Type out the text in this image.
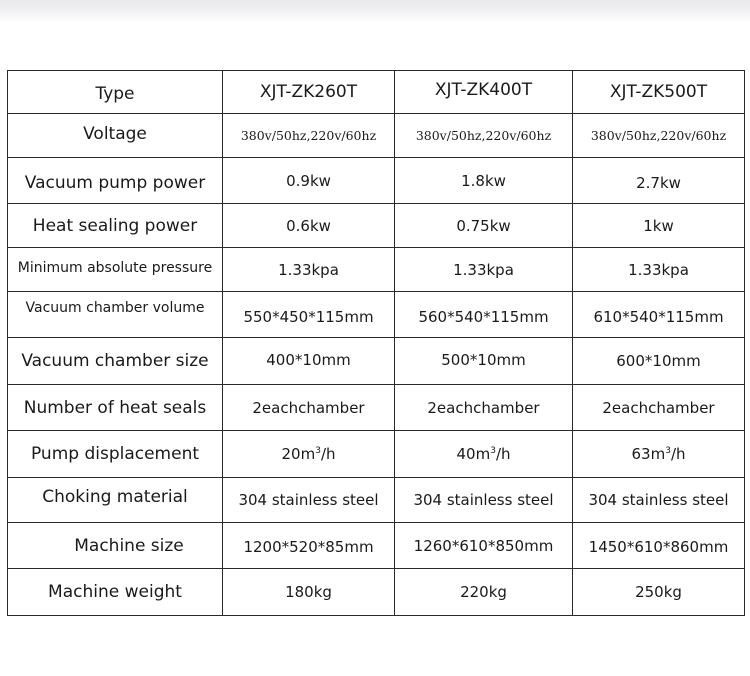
Type	XJT-ZK260T	XJT-ZK400T	XJT-ZK500T
Voltage	380v/50hz,220v/60hz	380v/50hz,220v/60hz	380v/50hz,220v/60hz
Vacuum pump power	0.9kw	1.8kw	2.7kw
Heat sealing power	0.6kw	0.75kw	1kw
Minimum absolute pressure	1.33kpa	1.33kpa	1.33kpa
Vacuum chamber volume	550*450*115mm	560*540*115mm	610*540*115mm
Vacuum chamber size	400*10mm	500*10mm	600*10mm
Number of heat seals	2eachchamber	2eachchamber	2eachchamber
Pump displacement	$20m^3/h$	$40m^3/h$	$63m^3/h$
Choking material	304 stainless steel	304 stainless steel	304 stainless steel
Machine size	1200*520*85mm	1260*610*850mm	1450*610*860mm
Machine weight	180kg	220kg	250kg
